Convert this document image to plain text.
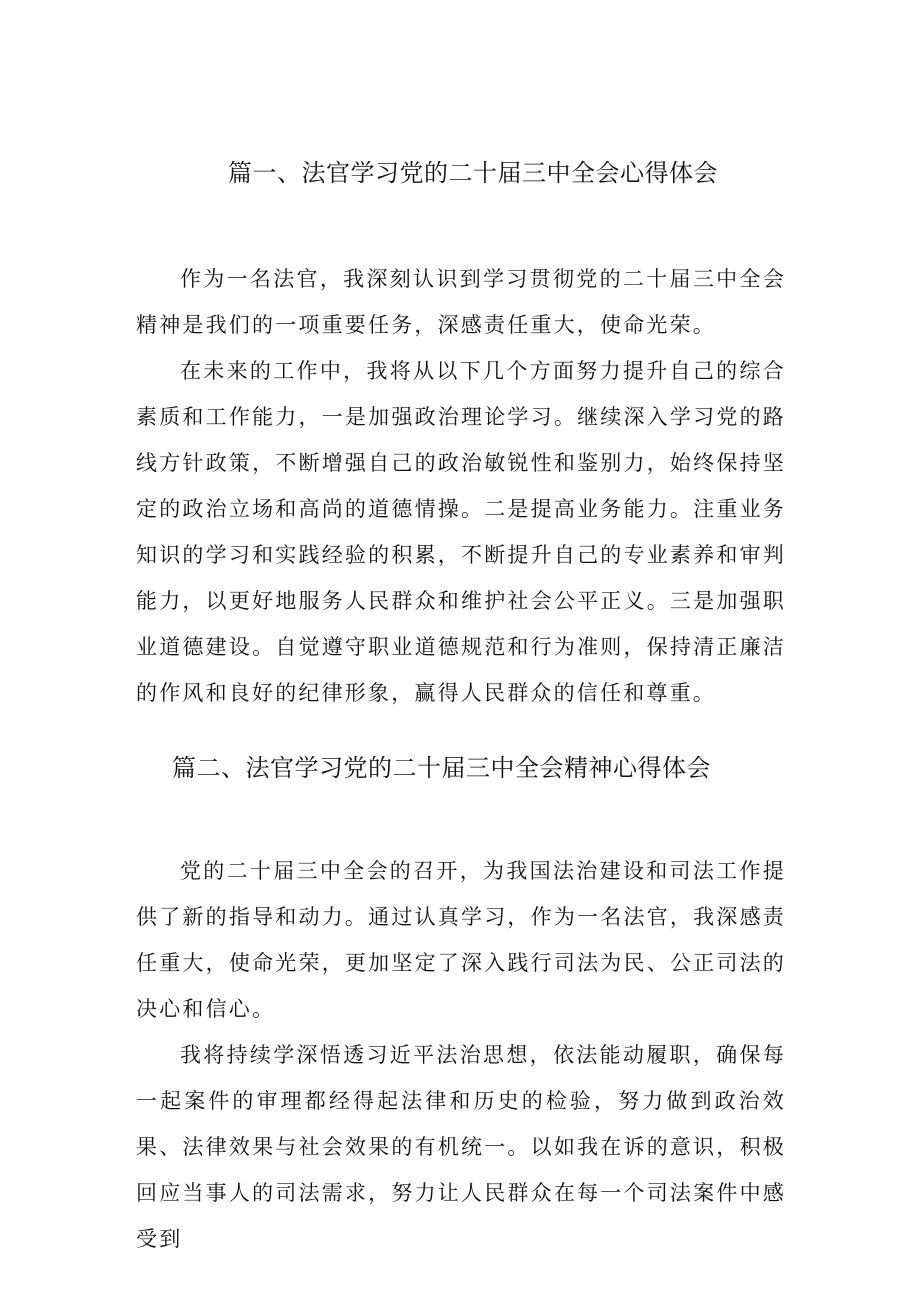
篇一、法官学习党的二十届三中全会心得体会

作为一名法官，我深刻认识到学习贯彻党的二十届三中全会精神是我们的一项重要任务，深感责任重大，使命光荣。

在未来的工作中，我将从以下几个方面努力提升自己的综合素质和工作能力，一是加强政治理论学习。继续深入学习党的路线方针政策，不断增强自己的政治敏锐性和鉴别力，始终保持坚定的政治立场和高尚的道德情操。二是提高业务能力。注重业务知识的学习和实践经验的积累，不断提升自己的专业素养和审判能力，以更好地服务人民群众和维护社会公平正义。三是加强职业道德建设。自觉遵守职业道德规范和行为准则，保持清正廉洁的作风和良好的纪律形象，赢得人民群众的信任和尊重。

篇二、法官学习党的二十届三中全会精神心得体会

党的二十届三中全会的召开，为我国法治建设和司法工作提供了新的指导和动力。通过认真学习，作为一名法官，我深感责任重大，使命光荣，更加坚定了深入践行司法为民、公正司法的决心和信心。

我将持续学深悟透习近平法治思想，依法能动履职，确保每一起案件的审理都经得起法律和历史的检验，努力做到政治效果、法律效果与社会效果的有机统一。以如我在诉的意识，积极回应当事人的司法需求，努力让人民群众在每一个司法案件中感受到
